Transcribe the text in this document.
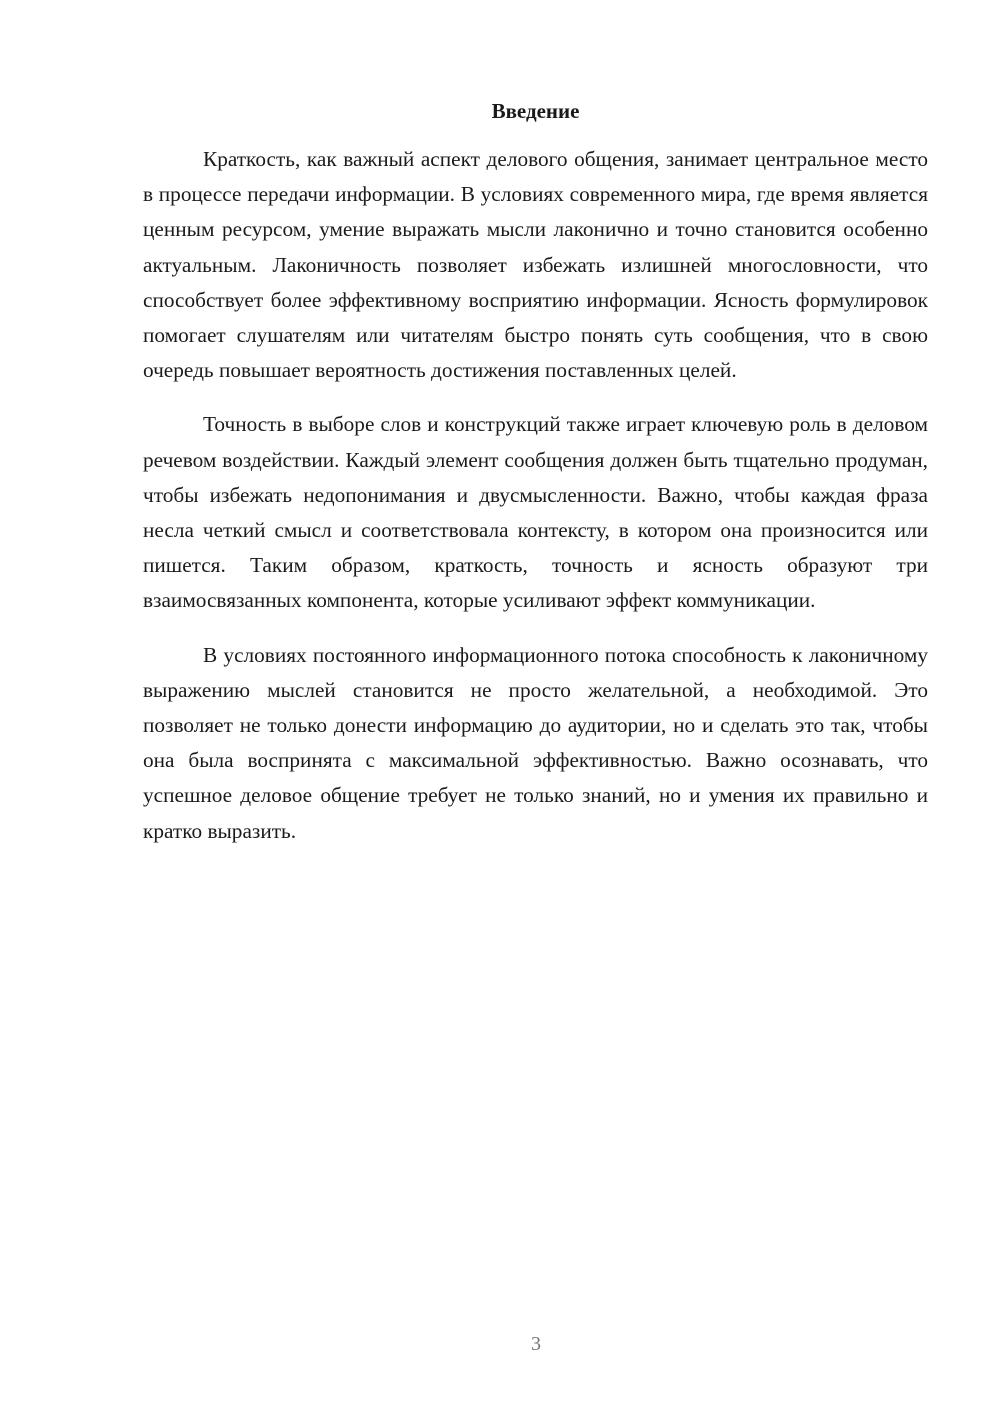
Введение

Краткость, как важный аспект делового общения, занимает центральное место в процессе передачи информации. В условиях современного мира, где время является ценным ресурсом, умение выражать мысли лаконично и точно становится особенно актуальным. Лаконичность позволяет избежать излишней многословности, что способствует более эффективному восприятию информации. Ясность формулировок помогает слушателям или читателям быстро понять суть сообщения, что в свою очередь повышает вероятность достижения поставленных целей.

Точность в выборе слов и конструкций также играет ключевую роль в деловом речевом воздействии. Каждый элемент сообщения должен быть тщательно продуман, чтобы избежать недопонимания и двусмысленности. Важно, чтобы каждая фраза несла четкий смысл и соответствовала контексту, в котором она произносится или пишется. Таким образом, краткость, точность и ясность образуют три взаимосвязанных компонента, которые усиливают эффект коммуникации.

В условиях постоянного информационного потока способность к лаконичному выражению мыслей становится не просто желательной, а необходимой. Это позволяет не только донести информацию до аудитории, но и сделать это так, чтобы она была воспринята с максимальной эффективностью. Важно осознавать, что успешное деловое общение требует не только знаний, но и умения их правильно и кратко выразить.

3
